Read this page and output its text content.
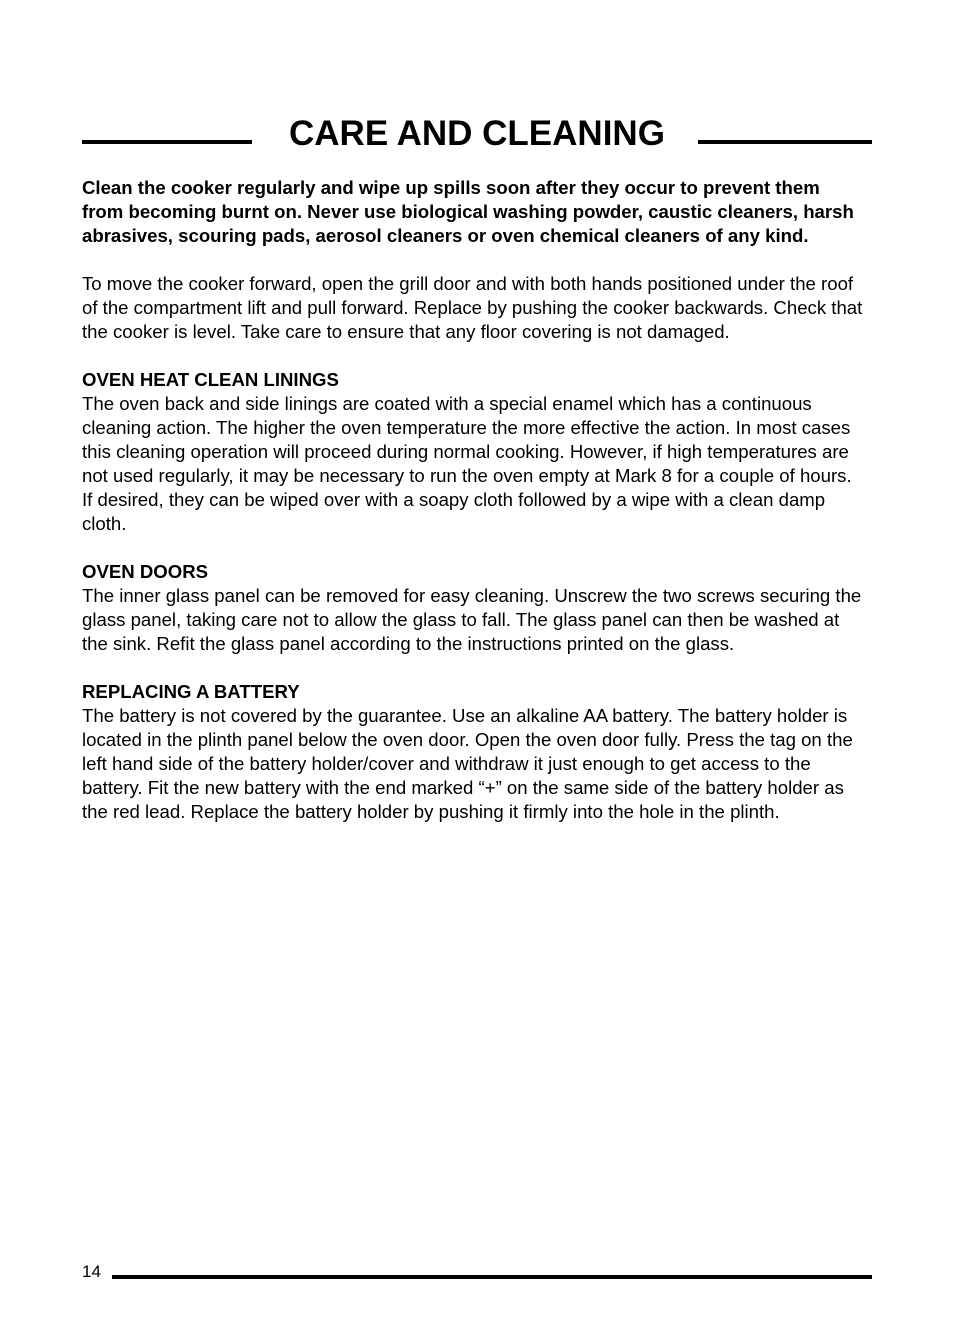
CARE AND CLEANING

Clean the cooker regularly and wipe up spills soon after they occur to prevent them from becoming burnt on. Never use biological washing powder, caustic cleaners, harsh abrasives, scouring pads, aerosol cleaners or oven chemical cleaners of any kind.

To move the cooker forward, open the grill door and with both hands positioned under the roof of the compartment lift and pull forward. Replace by pushing the cooker backwards. Check that the cooker is level. Take care to ensure that any floor covering is not damaged.

OVEN HEAT CLEAN LININGS

The oven back and side linings are coated with a special enamel which has a continuous cleaning action. The higher the oven temperature the more effective the action. In most cases this cleaning operation will proceed during normal cooking. However, if high temperatures are not used regularly, it may be necessary to run the oven empty at Mark 8 for a couple of hours.

If desired, they can be wiped over with a soapy cloth followed by a wipe with a clean damp cloth.

OVEN DOORS

The inner glass panel can be removed for easy cleaning. Unscrew the two screws securing the glass panel, taking care not to allow the glass to fall. The glass panel can then be washed at the sink. Refit the glass panel according to the instructions printed on the glass.

REPLACING A BATTERY

The battery is not covered by the guarantee. Use an alkaline AA battery. The battery holder is located in the plinth panel below the oven door. Open the oven door fully. Press the tag on the left hand side of the battery holder/cover and withdraw it just enough to get access to the battery. Fit the new battery with the end marked “+” on the same side of the battery holder as the red lead. Replace the battery holder by pushing it firmly into the hole in the plinth.

14
